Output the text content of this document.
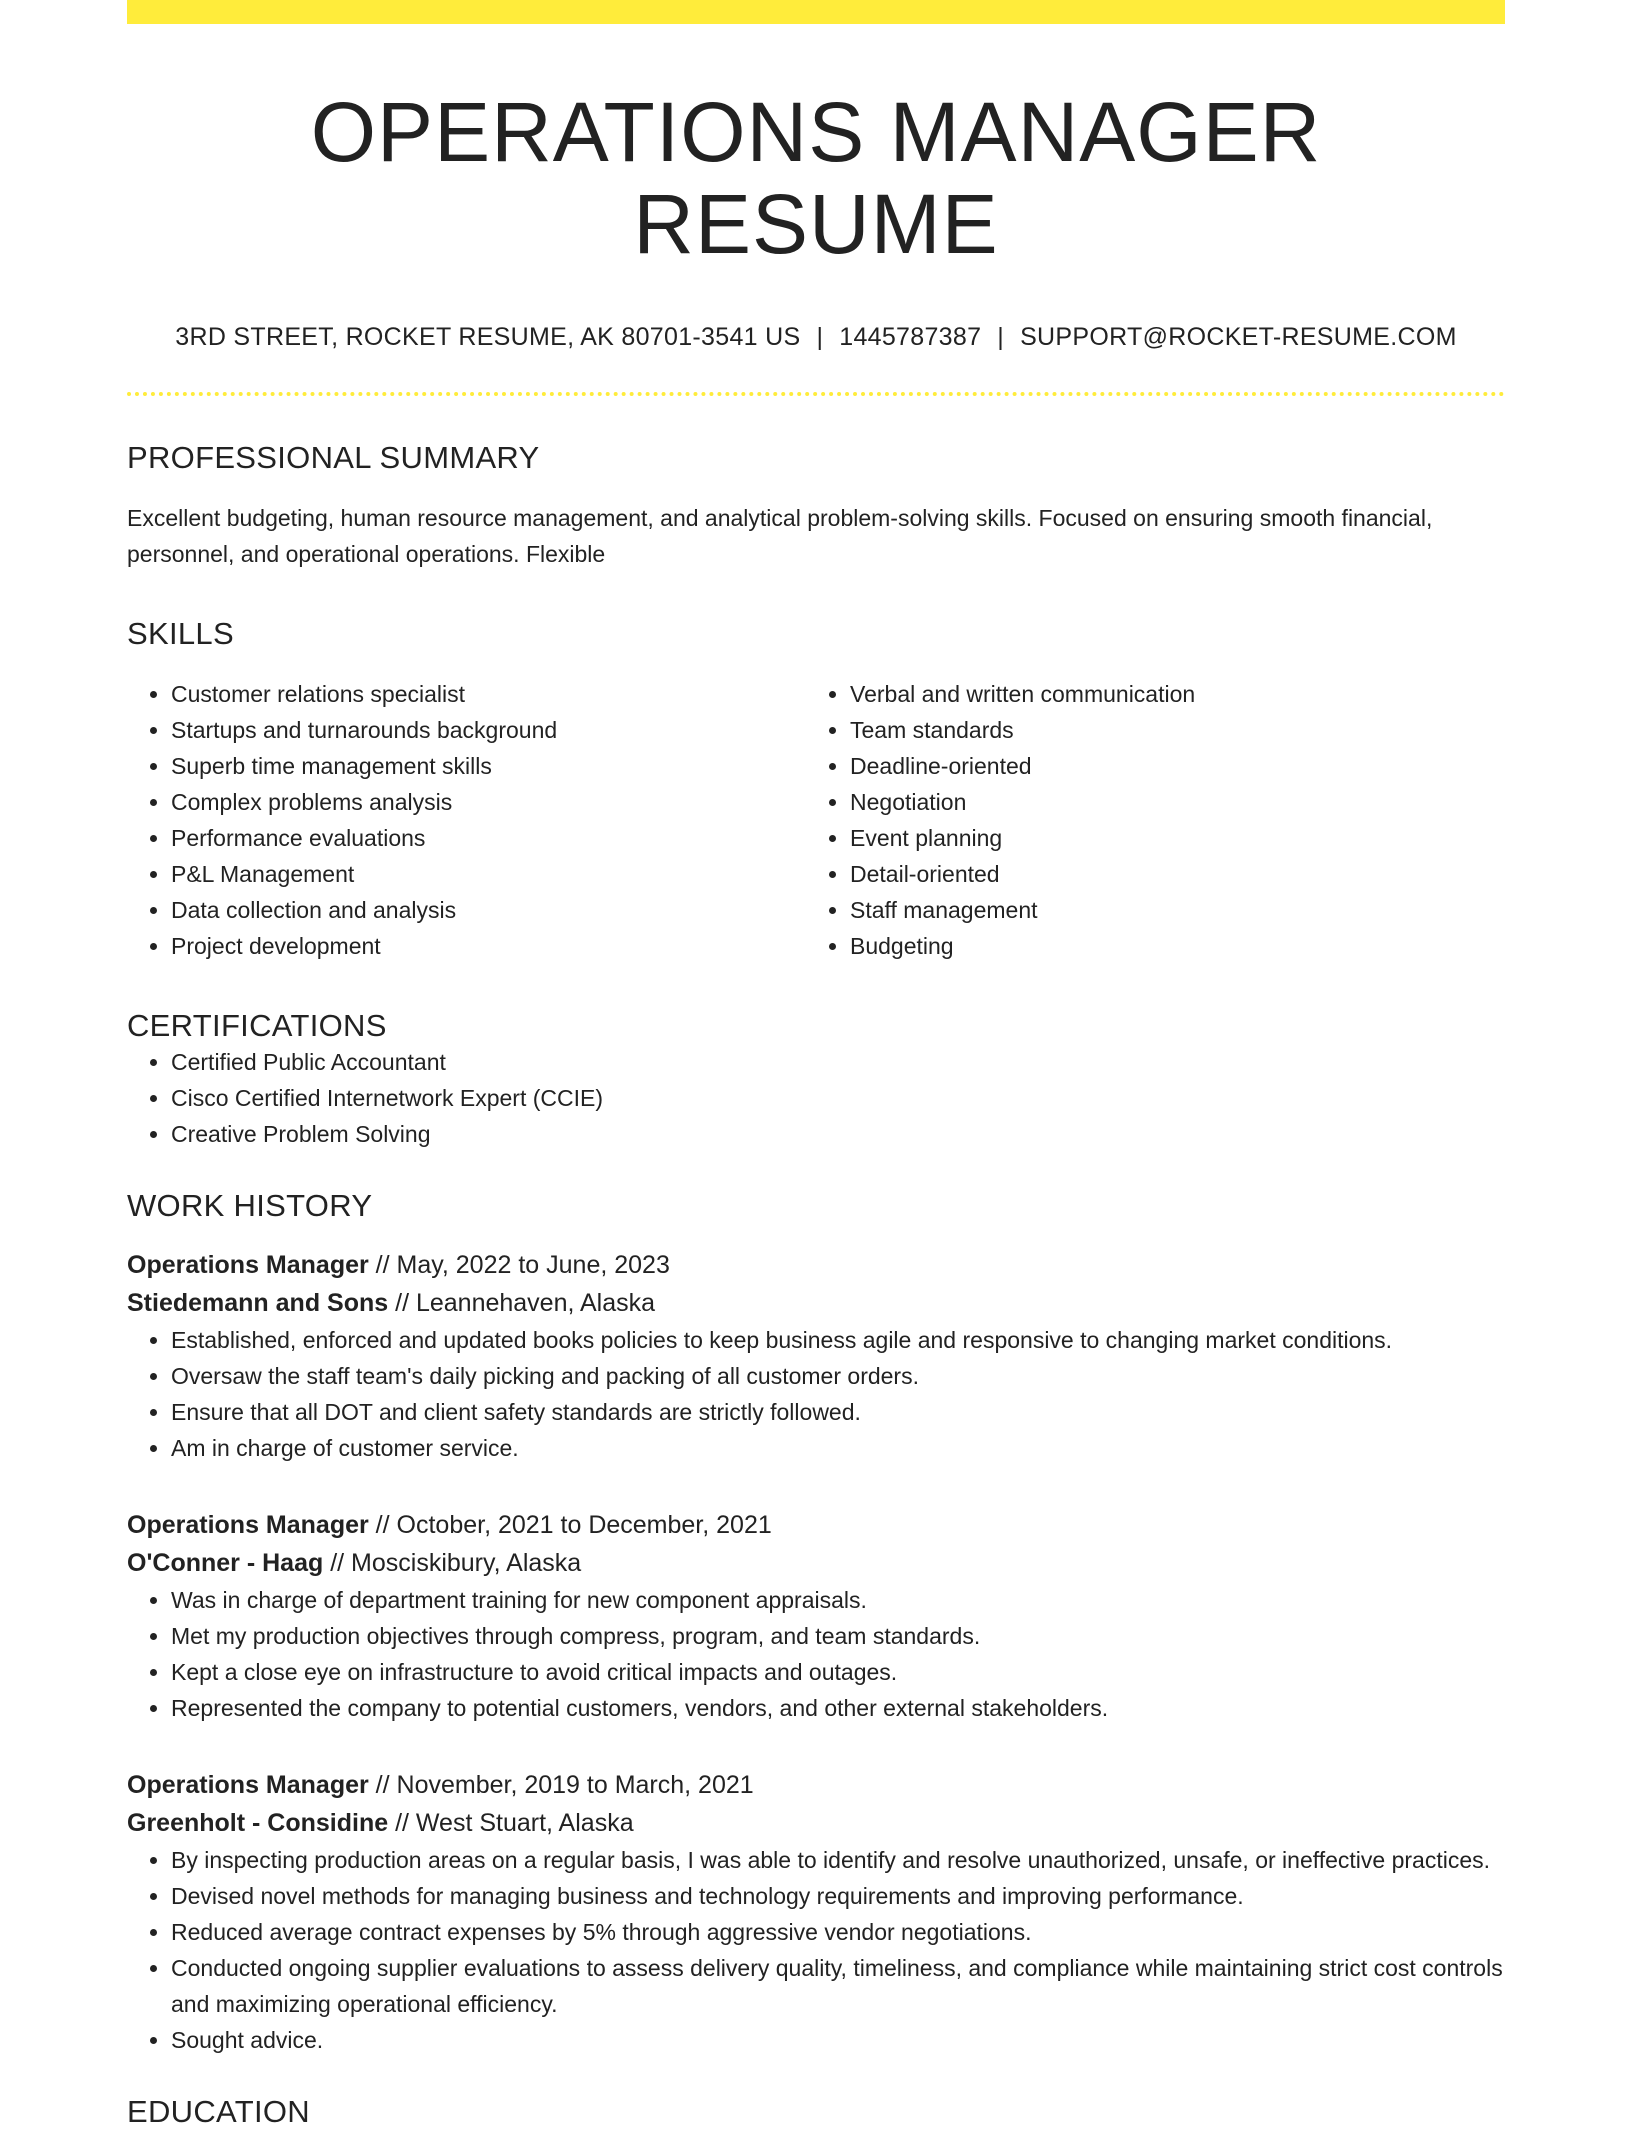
OPERATIONS MANAGER RESUME
3RD STREET, ROCKET RESUME, AK 80701-3541 US | 1445787387 | SUPPORT@ROCKET-RESUME.COM
PROFESSIONAL SUMMARY
Excellent budgeting, human resource management, and analytical problem-solving skills. Focused on ensuring smooth financial, personnel, and operational operations. Flexible
SKILLS
• Customer relations specialist
• Startups and turnarounds background
• Superb time management skills
• Complex problems analysis
• Performance evaluations
• P&L Management
• Data collection and analysis
• Project development
• Verbal and written communication
• Team standards
• Deadline-oriented
• Negotiation
• Event planning
• Detail-oriented
• Staff management
• Budgeting
CERTIFICATIONS
• Certified Public Accountant
• Cisco Certified Internetwork Expert (CCIE)
• Creative Problem Solving
WORK HISTORY
Operations Manager // May, 2022 to June, 2023
Stiedemann and Sons // Leannehaven, Alaska
• Established, enforced and updated books policies to keep business agile and responsive to changing market conditions.
• Oversaw the staff team's daily picking and packing of all customer orders.
• Ensure that all DOT and client safety standards are strictly followed.
• Am in charge of customer service.
Operations Manager // October, 2021 to December, 2021
O'Conner - Haag // Mosciskibury, Alaska
• Was in charge of department training for new component appraisals.
• Met my production objectives through compress, program, and team standards.
• Kept a close eye on infrastructure to avoid critical impacts and outages.
• Represented the company to potential customers, vendors, and other external stakeholders.
Operations Manager // November, 2019 to March, 2021
Greenholt - Considine // West Stuart, Alaska
• By inspecting production areas on a regular basis, I was able to identify and resolve unauthorized, unsafe, or ineffective practices.
• Devised novel methods for managing business and technology requirements and improving performance.
• Reduced average contract expenses by 5% through aggressive vendor negotiations.
• Conducted ongoing supplier evaluations to assess delivery quality, timeliness, and compliance while maintaining strict cost controls and maximizing operational efficiency.
• Sought advice.
EDUCATION
